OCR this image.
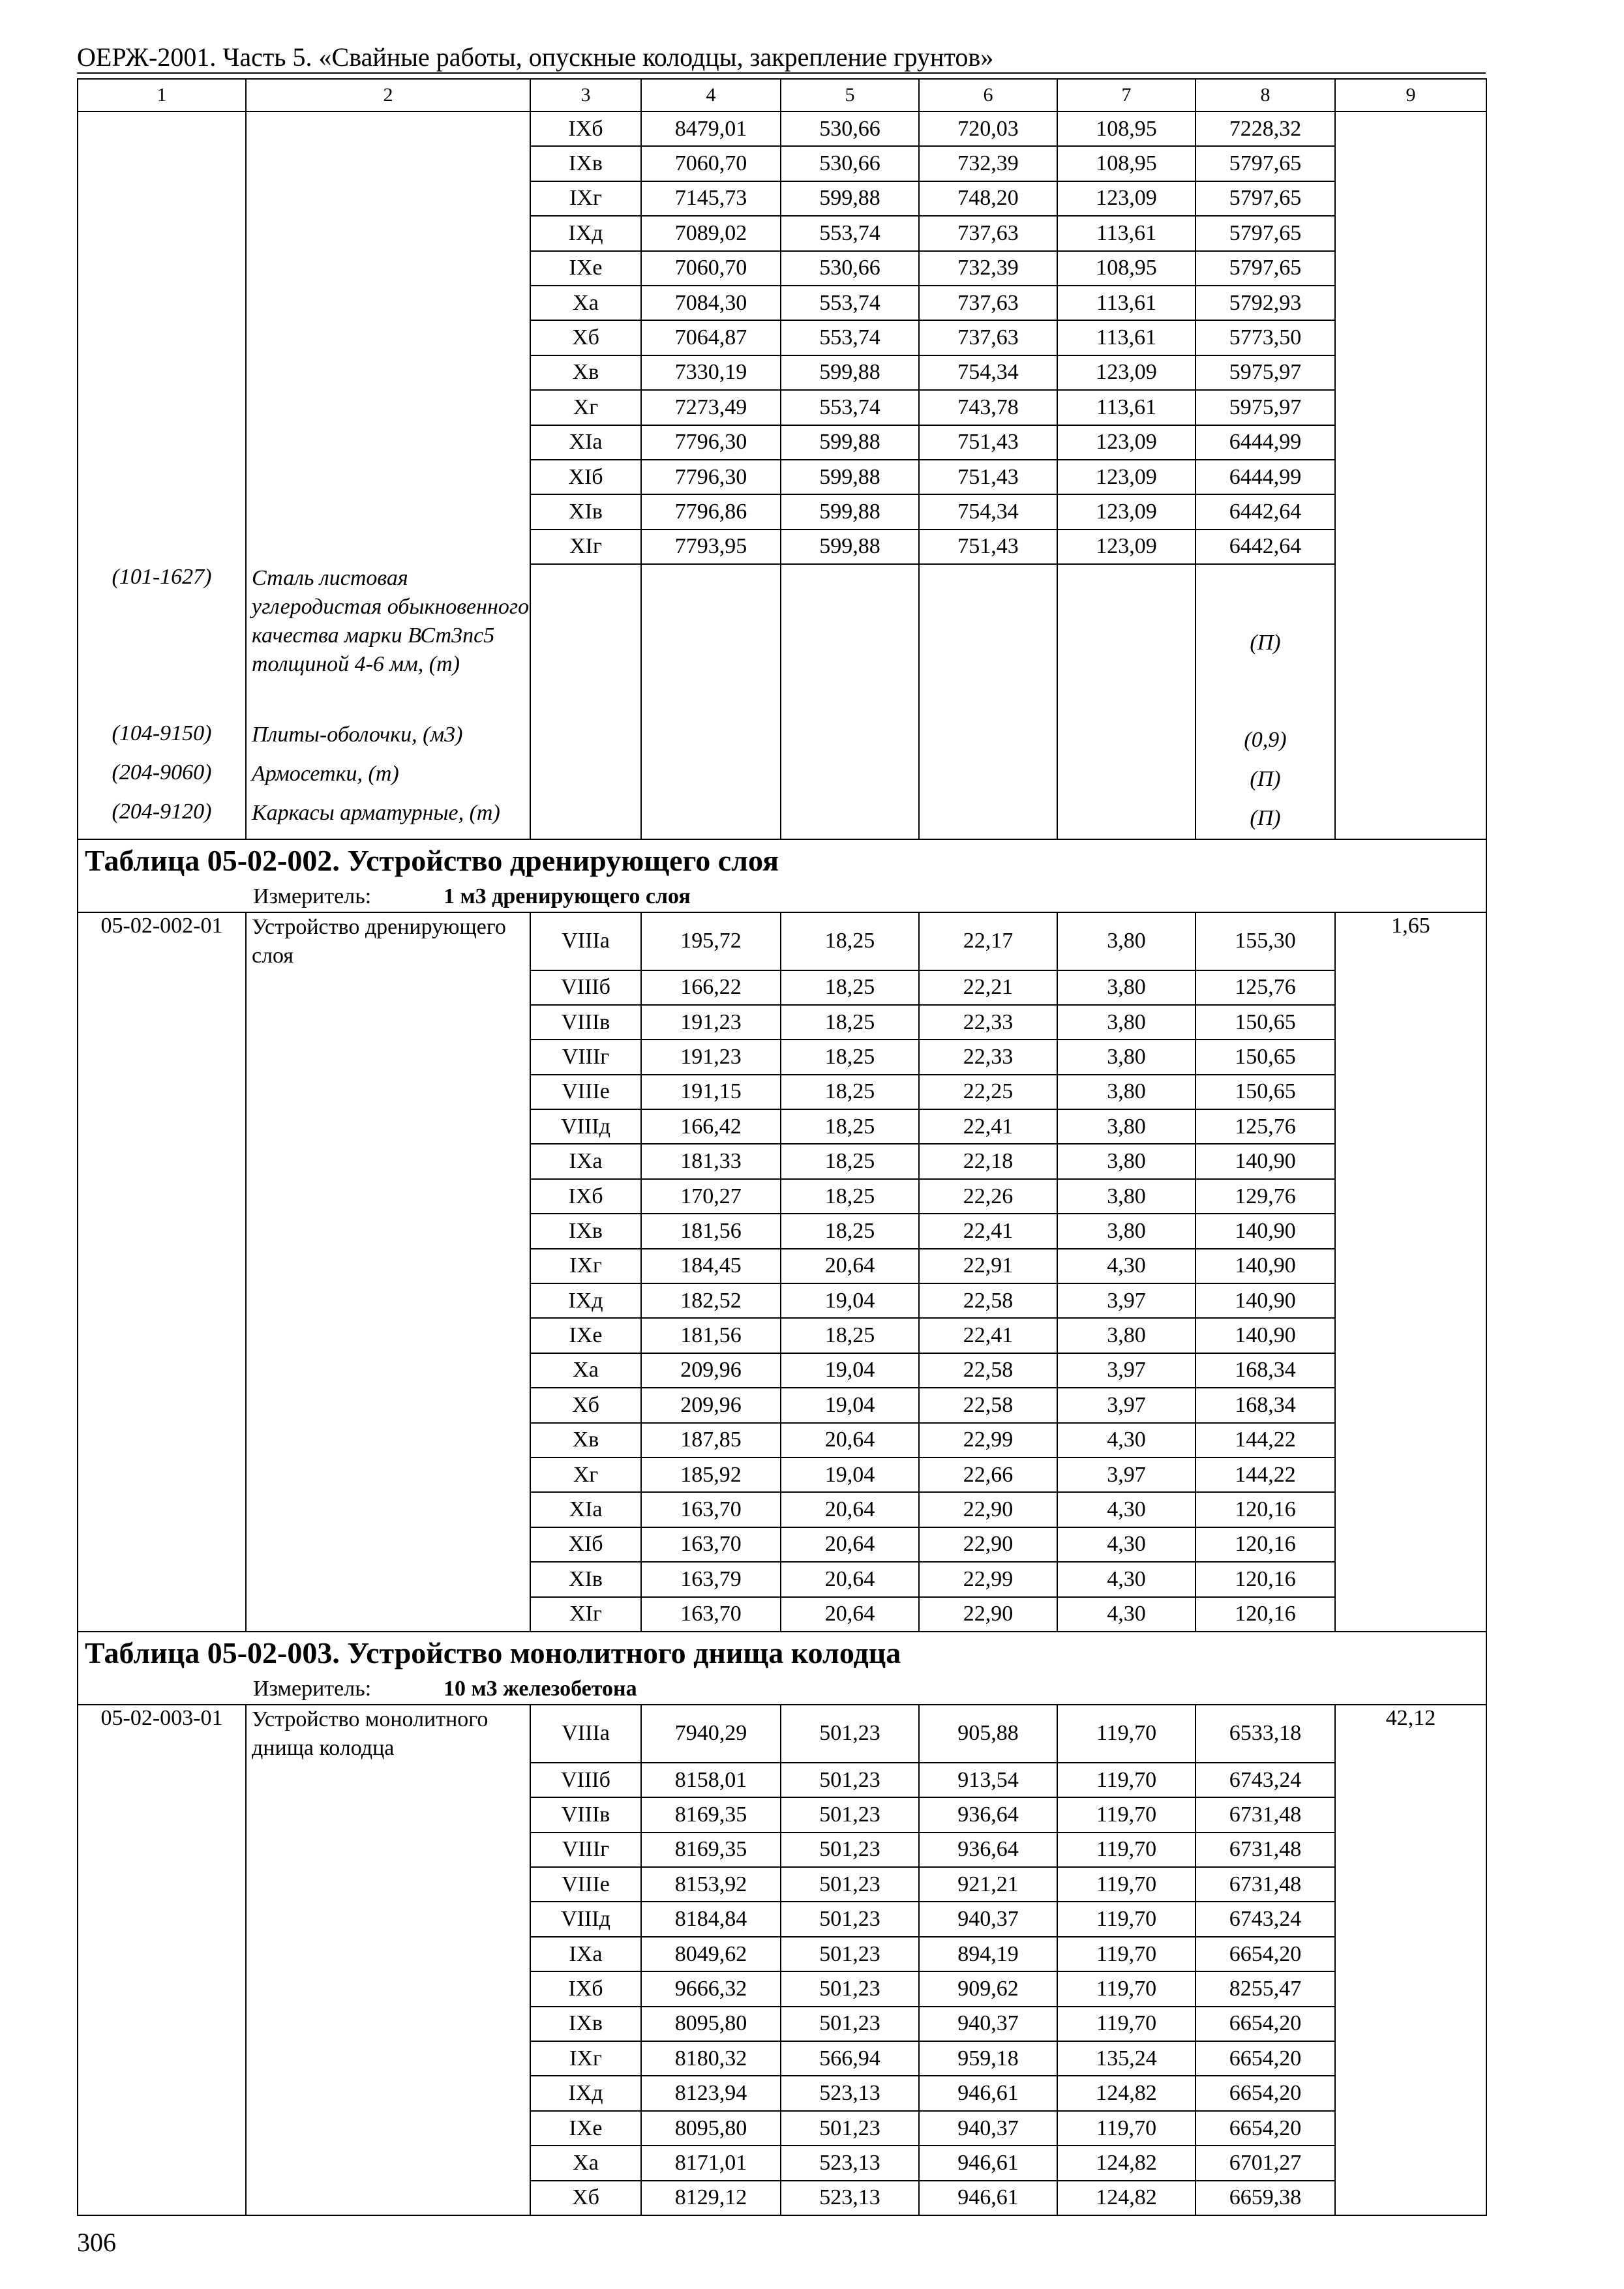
ОЕРЖ-2001. Часть 5. «Свайные работы, опускные колодцы, закрепление грунтов»
1	2	3	4	5	6	7	8	9
		IXб	8479,01	530,66	720,03	108,95	7228,32	
		IXв	7060,70	530,66	732,39	108,95	5797,65	
		IXг	7145,73	599,88	748,20	123,09	5797,65	
		IXд	7089,02	553,74	737,63	113,61	5797,65	
		IXе	7060,70	530,66	732,39	108,95	5797,65	
		Xа	7084,30	553,74	737,63	113,61	5792,93	
		Xб	7064,87	553,74	737,63	113,61	5773,50	
		Xв	7330,19	599,88	754,34	123,09	5975,97	
		Xг	7273,49	553,74	743,78	113,61	5975,97	
		XIа	7796,30	599,88	751,43	123,09	6444,99	
		XIб	7796,30	599,88	751,43	123,09	6444,99	
		XIв	7796,86	599,88	754,34	123,09	6442,64	
		XIг	7793,95	599,88	751,43	123,09	6442,64	
(101-1627)	Сталь листовая углеродистая обыкновенного качества марки ВСт3пс5 толщиной 4-6 мм, (т)						(П)	
(104-9150)	Плиты-оболочки, (м3)						(0,9)	
(204-9060)	Армосетки, (т)						(П)	
(204-9120)	Каркасы арматурные, (т)						(П)	
Таблица 05-02-002. Устройство дренирующего слоя								

Измеритель: 1 м3 дренирующего слоя								

05-02-002-01	Устройство дренирующего слоя	VIIIа	195,72	18,25	22,17	3,80	155,30	1,65
		VIIIб	166,22	18,25	22,21	3,80	125,76	
		VIIIв	191,23	18,25	22,33	3,80	150,65	
		VIIIг	191,23	18,25	22,33	3,80	150,65	
		VIIIе	191,15	18,25	22,25	3,80	150,65	
		VIIIд	166,42	18,25	22,41	3,80	125,76	
		IXа	181,33	18,25	22,18	3,80	140,90	
		IXб	170,27	18,25	22,26	3,80	129,76	
		IXв	181,56	18,25	22,41	3,80	140,90	
		IXг	184,45	20,64	22,91	4,30	140,90	
		IXд	182,52	19,04	22,58	3,97	140,90	
		IXе	181,56	18,25	22,41	3,80	140,90	
		Xа	209,96	19,04	22,58	3,97	168,34	
		Xб	209,96	19,04	22,58	3,97	168,34	
		Xв	187,85	20,64	22,99	4,30	144,22	
		Xг	185,92	19,04	22,66	3,97	144,22	
		XIа	163,70	20,64	22,90	4,30	120,16	
		XIб	163,70	20,64	22,90	4,30	120,16	
		XIв	163,79	20,64	22,99	4,30	120,16	
		XIг	163,70	20,64	22,90	4,30	120,16	
Таблица 05-02-003. Устройство монолитного днища колодца								

Измеритель: 10 м3 железобетона								

05-02-003-01	Устройство монолитного днища колодца	VIIIа	7940,29	501,23	905,88	119,70	6533,18	42,12
		VIIIб	8158,01	501,23	913,54	119,70	6743,24	
		VIIIв	8169,35	501,23	936,64	119,70	6731,48	
		VIIIг	8169,35	501,23	936,64	119,70	6731,48	
		VIIIе	8153,92	501,23	921,21	119,70	6731,48	
		VIIIд	8184,84	501,23	940,37	119,70	6743,24	
		IXа	8049,62	501,23	894,19	119,70	6654,20	
		IXб	9666,32	501,23	909,62	119,70	8255,47	
		IXв	8095,80	501,23	940,37	119,70	6654,20	
		IXг	8180,32	566,94	959,18	135,24	6654,20	
		IXд	8123,94	523,13	946,61	124,82	6654,20	
		IXе	8095,80	501,23	940,37	119,70	6654,20	
		Xа	8171,01	523,13	946,61	124,82	6701,27	
		Xб	8129,12	523,13	946,61	124,82	6659,38	
306
